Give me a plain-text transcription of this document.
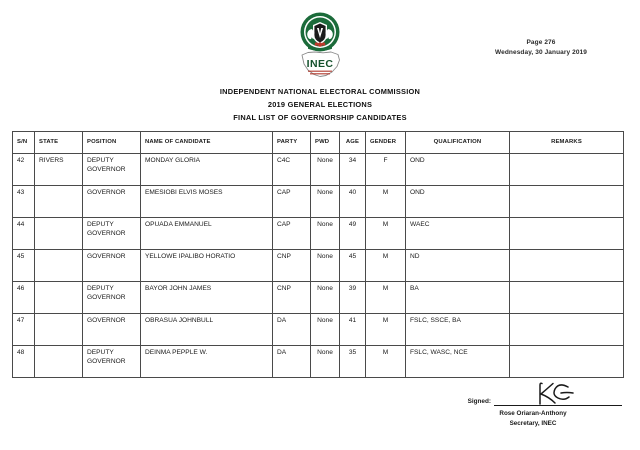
INEC
Page 276
Wednesday, 30 January 2019
INDEPENDENT NATIONAL ELECTORAL COMMISSION
2019 GENERAL ELECTIONS
FINAL LIST OF GOVERNORSHIP CANDIDATES
S/N	STATE	POSITION	NAME OF CANDIDATE	PARTY	PWD	AGE	GENDER	QUALIFICATION	REMARKS
42	RIVERS	DEPUTY GOVERNOR	MONDAY GLORIA	C4C	None	34	F	OND	
43		GOVERNOR	EMESIOBI ELVIS MOSES	CAP	None	40	M	OND	
44		DEPUTY GOVERNOR	OPUADA EMMANUEL	CAP	None	49	M	WAEC	
45		GOVERNOR	YELLOWE IPALIBO HORATIO	CNP	None	45	M	ND	
46		DEPUTY GOVERNOR	BAYOR JOHN JAMES	CNP	None	39	M	BA	
47		GOVERNOR	OBRASUA JOHNBULL	DA	None	41	M	FSLC, SSCE, BA	
48		DEPUTY GOVERNOR	DEINMA PEPPLE W.	DA	None	35	M	FSLC, WASC, NCE	
Signed:
Rose Oriaran-Anthony
Secretary, INEC
